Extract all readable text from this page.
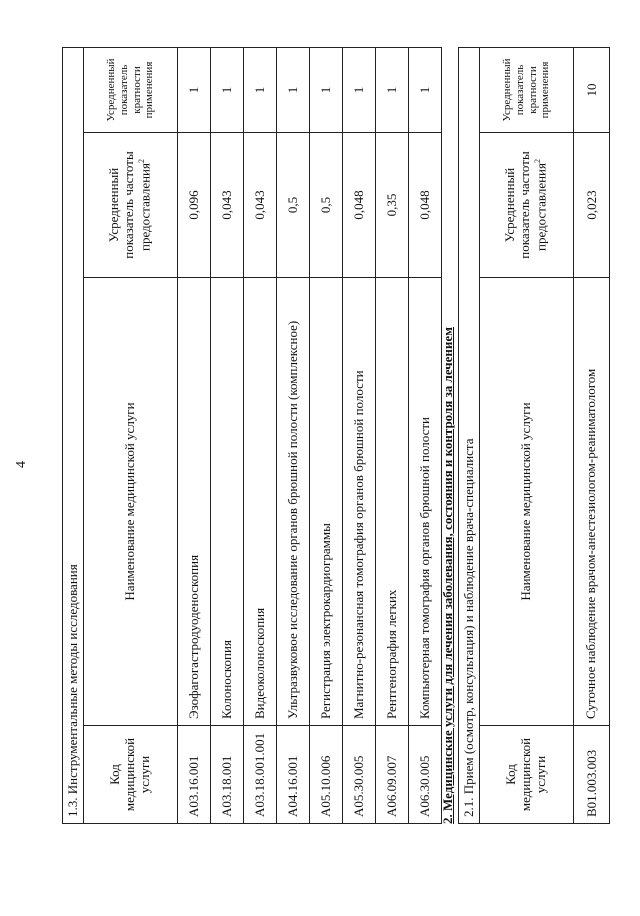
4
1.3. Инструментальные методы исследования			
Код медицинской услуги	Наименование медицинской услуги	Усредненный показатель частоты предоставления$^2$	Усредненный показатель кратности применения
A03.16.001	Эзофагогастродуоденоскопия	0,096	1
A03.18.001	Колоноскопия	0,043	1
A03.18.001.001	Видеоколоноскопия	0,043	1
A04.16.001	Ультразвуковое исследование органов брюшной полости (комплексное)	0,5	1
A05.10.006	Регистрация электрокардиограммы	0,5	1
A05.30.005	Магнитно-резонансная томография органов брюшной полости	0,048	1
A06.09.007	Рентгенография легких	0,35	1
A06.30.005	Компьютерная томография органов брюшной полости	0,048	1
2. Медицинские услуги для лечения заболевания, состояния и контроля за лечением 2.1. Прием (осмотр, консультация) и наблюдение врача-специалиста			
Код медицинской услуги	Наименование медицинской услуги	Усредненный показатель частоты предоставления$^2$	Усредненный показатель кратности применения
B01.003.003	Суточное наблюдение врачом-анестезиологом-реаниматологом	0,023	10
